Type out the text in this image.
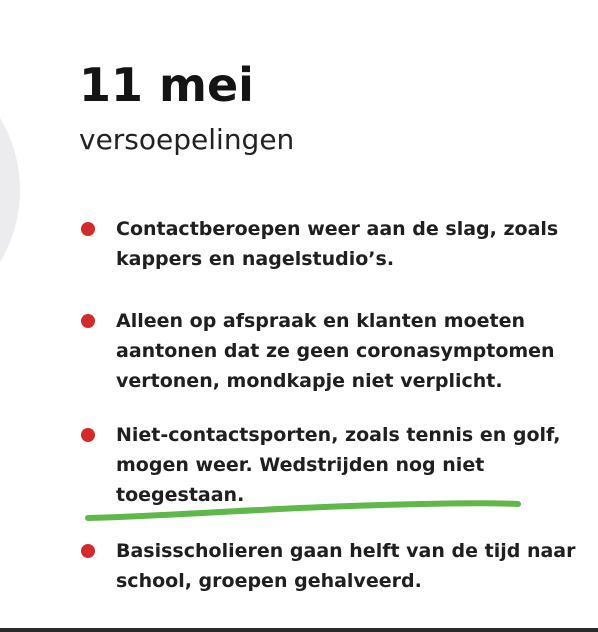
11 mei
versoepelingen
Contactberoepen weer aan de slag, zoals kappers en nagelstudio’s.
Alleen op afspraak en klanten moeten aantonen dat ze geen coronasymptomen vertonen, mondkapje niet verplicht.
Niet-contactsporten, zoals tennis en golf, mogen weer. Wedstrijden nog niet toegestaan.
Basisscholieren gaan helft van de tijd naar school, groepen gehalveerd.
